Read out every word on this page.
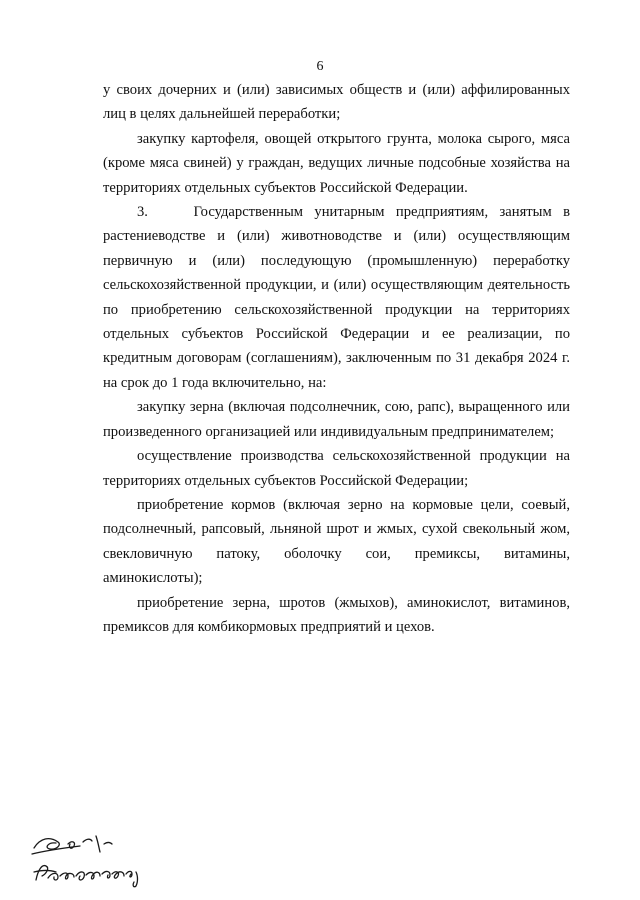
6

у своих дочерних и (или) зависимых обществ и (или) аффилированных лиц в целях дальнейшей переработки;

закупку картофеля, овощей открытого грунта, молока сырого, мяса (кроме мяса свиней) у граждан, ведущих личные подсобные хозяйства на территориях отдельных субъектов Российской Федерации.

3.    Государственным унитарным предприятиям, занятым в растениеводстве и (или) животноводстве и (или) осуществляющим первичную и (или) последующую (промышленную) переработку сельскохозяйственной продукции, и (или) осуществляющим деятельность по приобретению сельскохозяйственной продукции на территориях отдельных субъектов Российской Федерации и ее реализации, по кредитным договорам (соглашениям), заключенным по 31 декабря 2024 г. на срок до 1 года включительно, на:

закупку зерна (включая подсолнечник, сою, рапс), выращенного или произведенного организацией или индивидуальным предпринимателем;

осуществление производства сельскохозяйственной продукции на территориях отдельных субъектов Российской Федерации;

приобретение кормов (включая зерно на кормовые цели, соевый, подсолнечный, рапсовый, льняной шрот и жмых, сухой свекольный жом, свекловичную патоку, оболочку сои, премиксы, витамины, аминокислоты);

приобретение зерна, шротов (жмыхов), аминокислот, витаминов, премиксов для комбикормовых предприятий и цехов.
